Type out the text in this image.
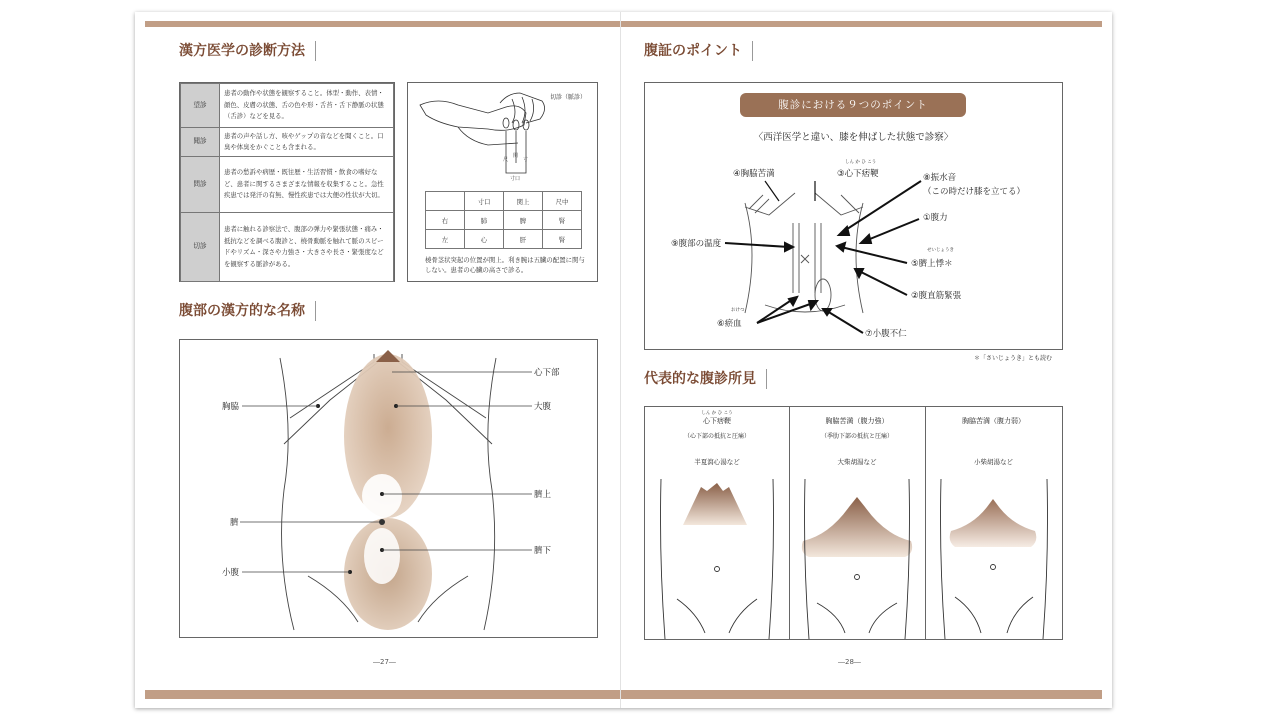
漢方医学の診断方法
望診	患者の動作や状態を観察すること。体型・動作、表情・顔色、皮膚の状態、舌の色や形・舌苔・舌下静脈の状態（舌診）などを見る。
聞診	患者の声や話し方、咳やゲップの音などを聞くこと。口臭や体臭をかぐことも含まれる。
問診	患者の愁訴や病歴・既往歴・生活習慣・飲食の嗜好など、患者に関するさまざまな情報を収集すること。急性疾患では発汗の有無、慢性疾患では大便の性状が大切。
切診	患者に触れる診察法で、腹部の弾力や緊張状態・痛み・抵抗などを調べる腹診と、橈骨動脈を触れて脈のスピードやリズム・深さや力強さ・大きさや長さ・緊張度などを観察する脈診がある。
切診（脈診）
尺
関
寸
寸口
	寸口	関上	尺中
右	肺	脾	腎
左	心	肝	腎
橈骨茎状突起の位置が関上。利き腕は五臓の配置に関与しない。患者の心臓の高さで診る。
腹部の漢方的な名称
心下部
大腹
胸脇
臍上
臍
臍下
小腹
―27―
腹証のポイント
腹診における９つのポイント
〈西洋医学と違い、膝を伸ばした状態で診察〉
④胸脇苦満
しん か ひ こう
③心下痞鞕	⑧振水音
（この時だけ膝を立てる）
①腹力
⑨腹部の温度
せいじょうき
⑤臍上悸＊
②腹直筋緊張
おけつ
⑥瘀血
⑦小腹不仁
＊「さいじょうき」とも読む
代表的な腹診所見
しん か ひ こう
心下痞鞕
（心下部の抵抗と圧痛）
半夏瀉心湯など
胸脇苦満（腹力強）
（季肋下部の抵抗と圧痛）
大柴胡湯など
胸脇苦満（腹力弱）
小柴胡湯など
―28―
